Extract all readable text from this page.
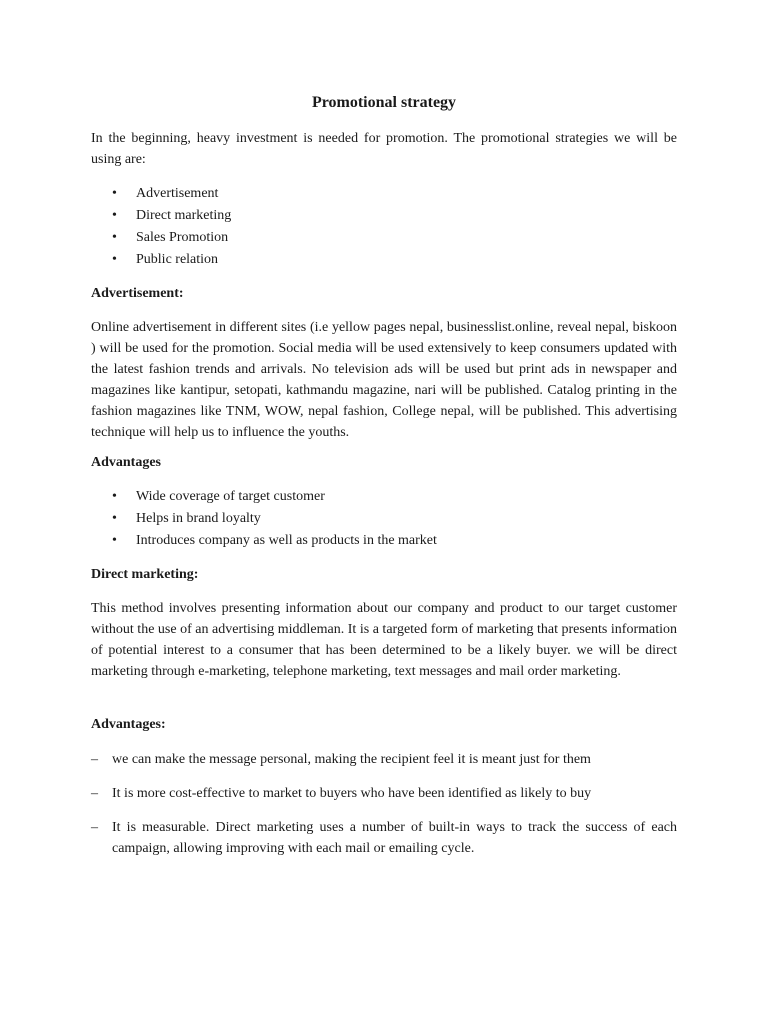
Promotional strategy

In the beginning, heavy investment is needed for promotion. The promotional strategies we will be using are:

• Advertisement
• Direct marketing
• Sales Promotion
• Public relation
Advertisement:

Online advertisement in different sites (i.e yellow pages nepal, businesslist.online, reveal nepal, biskoon ) will be used for the promotion. Social media will be used extensively to keep consumers updated with the latest fashion trends and arrivals. No television ads will be used but print ads in newspaper and magazines like kantipur, setopati, kathmandu magazine, nari will be published. Catalog printing in the fashion magazines like TNM, WOW, nepal fashion, College nepal, will be published. This advertising technique will help us to influence the youths.

Advantages
• Wide coverage of target customer
• Helps in brand loyalty
• Introduces company as well as products in the market
Direct marketing:

This method involves presenting information about our company and product to our target customer without the use of an advertising middleman. It is a targeted form of marketing that presents information of potential interest to a consumer that has been determined to be a likely buyer. we will be direct marketing through e-marketing, telephone marketing, text messages and mail order marketing.

Advantages:
– we can make the message personal, making the recipient feel it is meant just for them
– It is more cost-effective to market to buyers who have been identified as likely to buy
– It is measurable. Direct marketing uses a number of built-in ways to track the success of each campaign, allowing improving with each mail or emailing cycle.
